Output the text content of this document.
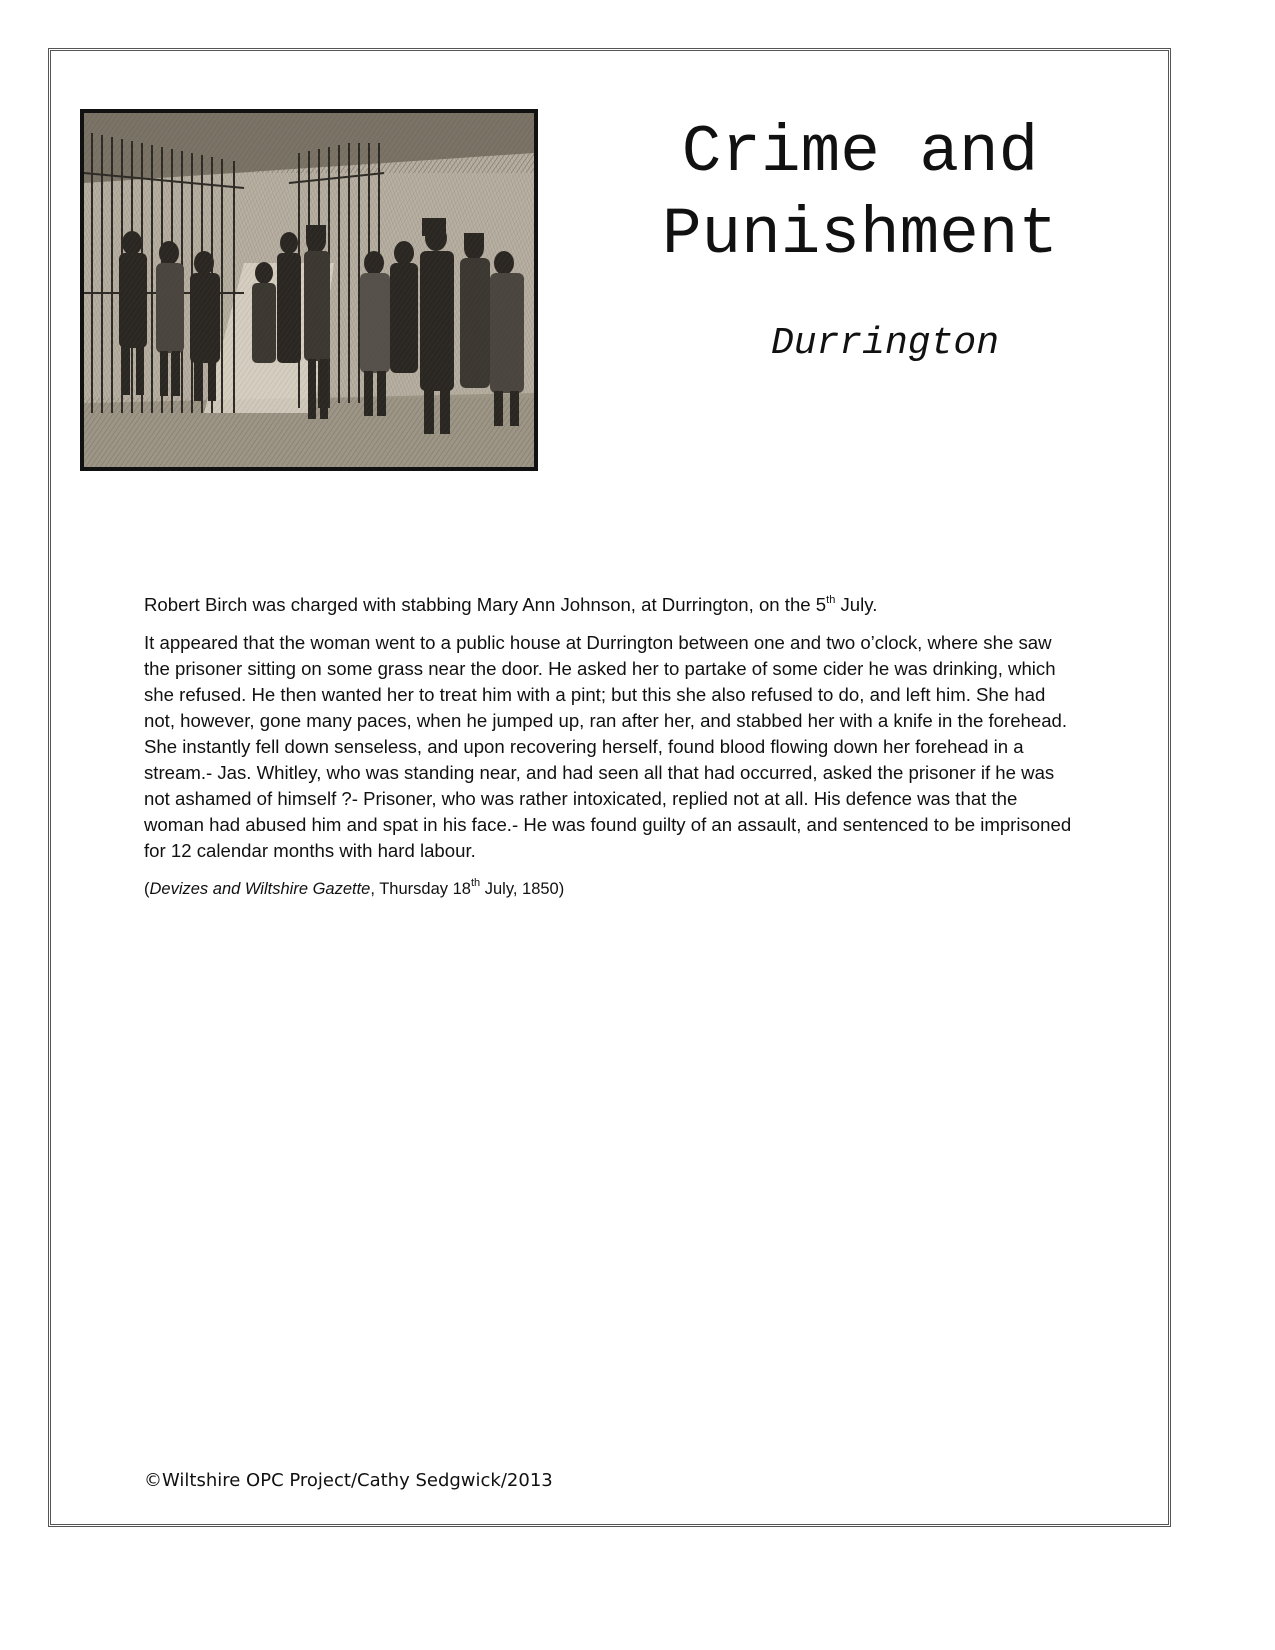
Crime and
Punishment
Durrington

Robert Birch was charged with stabbing Mary Ann Johnson, at Durrington, on the 5th July.

It appeared that the woman went to a public house at Durrington between one and two o’clock, where she saw the prisoner sitting on some grass near the door. He asked her to partake of some cider he was drinking, which she refused. He then wanted her to treat him with a pint; but this she also refused to do, and left him. She had not, however, gone many paces, when he jumped up, ran after her, and stabbed her with a knife in the forehead. She instantly fell down senseless, and upon recovering herself, found blood flowing down her forehead in a stream.- Jas. Whitley, who was standing near, and had seen all that had occurred, asked the prisoner if he was not ashamed of himself ?- Prisoner, who was rather intoxicated, replied not at all. His defence was that the woman had abused him and spat in his face.- He was found guilty of an assault, and sentenced to be imprisoned for 12 calendar months with hard labour.

(Devizes and Wiltshire Gazette, Thursday 18th July, 1850)

©Wiltshire OPC Project/Cathy Sedgwick/2013
